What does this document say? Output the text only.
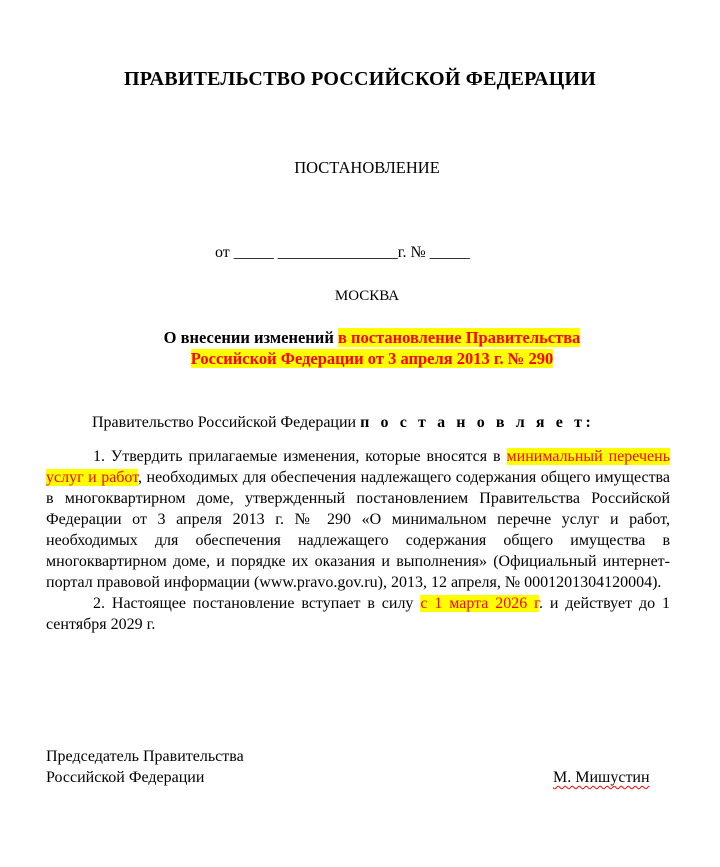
ПРАВИТЕЛЬСТВО РОССИЙСКОЙ ФЕДЕРАЦИИ
ПОСТАНОВЛЕНИЕ
от _____ _______________г. № _____
МОСКВА
О внесении изменений в постановление Правительства
Российской Федерации от 3 апреля 2013 г. № 290
Правительство Российской Федерации п о с т а н о в л я е т:

1. Утвердить прилагаемые изменения, которые вносятся в минимальный перечень услуг и работ, необходимых для обеспечения надлежащего содержания общего имущества в многоквартирном доме, утвержденный постановлением Правительства Российской Федерации от 3 апреля 2013 г. № 290 «О минимальном перечне услуг и работ, необходимых для обеспечения надлежащего содержания общего имущества в многоквартирном доме, и порядке их оказания и выполнения» (Официальный интернет-портал правовой информации (www.pravo.gov.ru), 2013, 12 апреля, № 0001201304120004).

2. Настоящее постановление вступает в силу с 1 марта 2026 г. и действует до 1 сентября 2029 г.

Председатель Правительства
Российской Федерации	М. Мишустин
